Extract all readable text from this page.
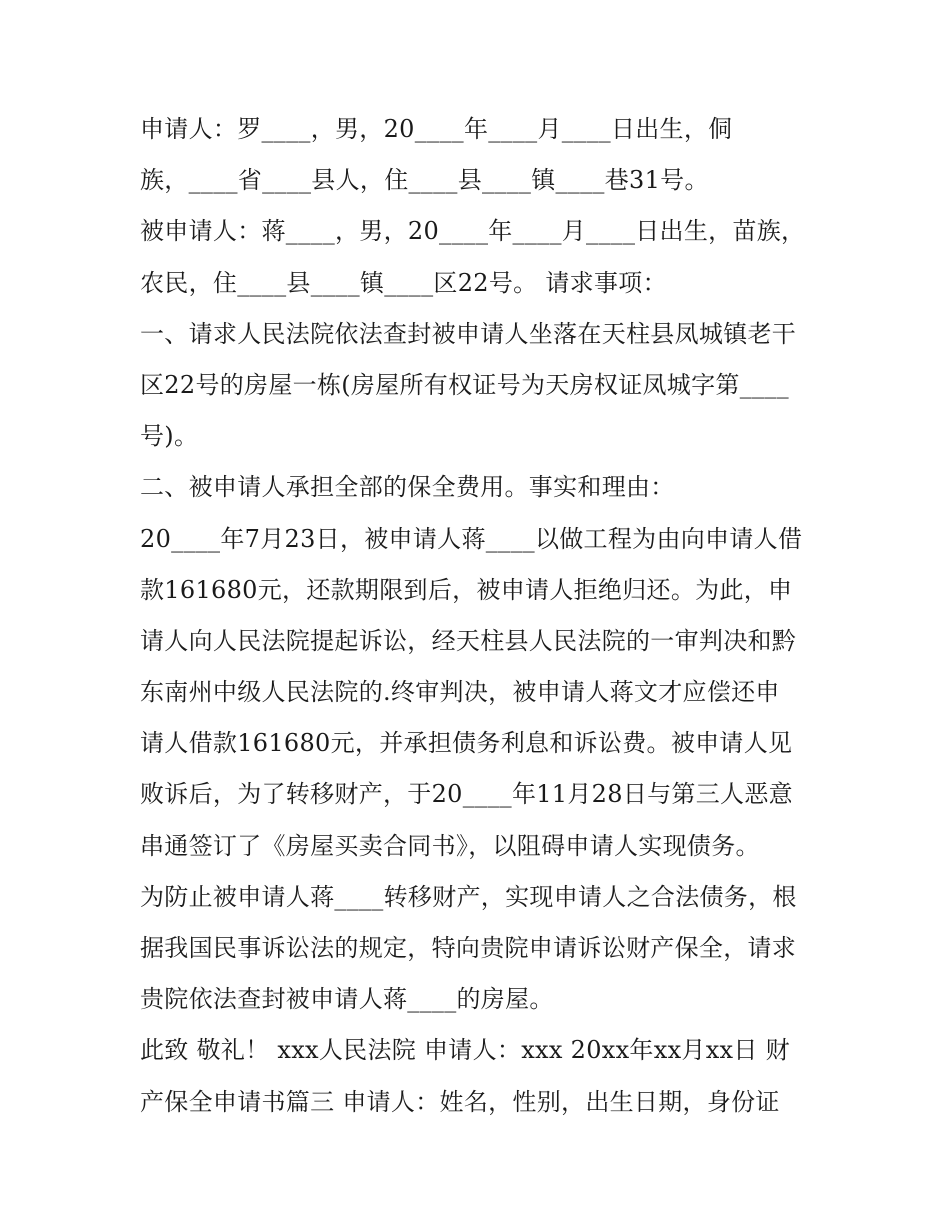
申请人：罗____，男，20____年____月____日出生，侗
族，____省____县人，住____县____镇____巷31号。
被申请人：蒋____，男，20____年____月____日出生，苗族，
农民，住____县____镇____区22号。 请求事项：
一、请求人民法院依法查封被申请人坐落在天柱县凤城镇老干
区22号的房屋一栋(房屋所有权证号为天房权证凤城字第____
号)。
二、被申请人承担全部的保全费用。事实和理由：
20____年7月23日，被申请人蒋____以做工程为由向申请人借
款161680元，还款期限到后，被申请人拒绝归还。为此，申
请人向人民法院提起诉讼，经天柱县人民法院的一审判决和黔
东南州中级人民法院的.终审判决，被申请人蒋文才应偿还申
请人借款161680元，并承担债务利息和诉讼费。被申请人见
败诉后，为了转移财产，于20____年11月28日与第三人恶意
串通签订了《房屋买卖合同书》，以阻碍申请人实现债务。
为防止被申请人蒋____转移财产，实现申请人之合法债务，根
据我国民事诉讼法的规定，特向贵院申请诉讼财产保全，请求
贵院依法查封被申请人蒋____的房屋。
此致 敬礼！ xxx人民法院 申请人：xxx 20xx年xx月xx日 财
产保全申请书篇三 申请人：姓名，性别，出生日期，身份证
